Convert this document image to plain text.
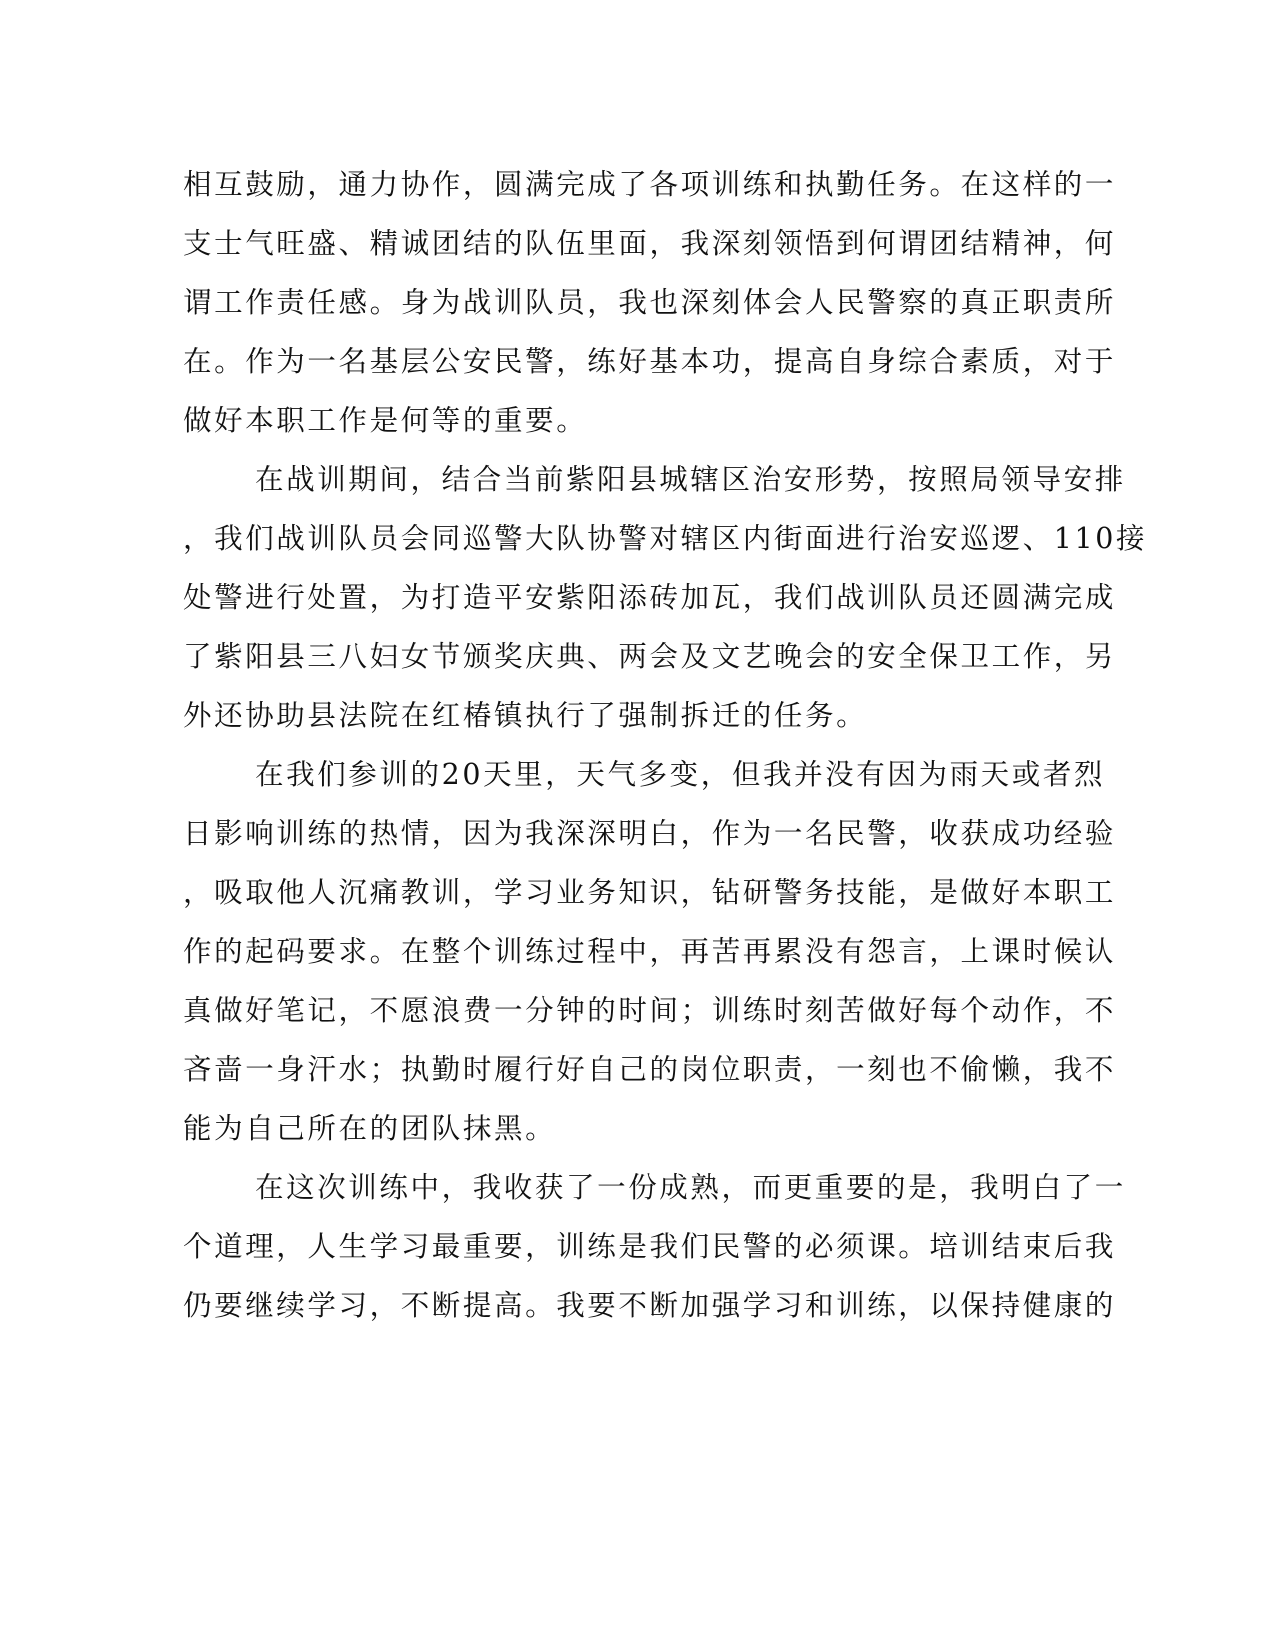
相互鼓励，通力协作，圆满完成了各项训练和执勤任务。在这样的一
支士气旺盛、精诚团结的队伍里面，我深刻领悟到何谓团结精神，何
谓工作责任感。身为战训队员，我也深刻体会人民警察的真正职责所
在。作为一名基层公安民警，练好基本功，提高自身综合素质，对于
做好本职工作是何等的重要。
在战训期间，结合当前紫阳县城辖区治安形势，按照局领导安排
，我们战训队员会同巡警大队协警对辖区内街面进行治安巡逻、110接
处警进行处置，为打造平安紫阳添砖加瓦，我们战训队员还圆满完成
了紫阳县三八妇女节颁奖庆典、两会及文艺晚会的安全保卫工作，另
外还协助县法院在红椿镇执行了强制拆迁的任务。
在我们参训的20天里，天气多变，但我并没有因为雨天或者烈
日影响训练的热情，因为我深深明白，作为一名民警，收获成功经验
，吸取他人沉痛教训，学习业务知识，钻研警务技能，是做好本职工
作的起码要求。在整个训练过程中，再苦再累没有怨言，上课时候认
真做好笔记，不愿浪费一分钟的时间；训练时刻苦做好每个动作，不
吝啬一身汗水；执勤时履行好自己的岗位职责，一刻也不偷懒，我不
能为自己所在的团队抹黑。
在这次训练中，我收获了一份成熟，而更重要的是，我明白了一
个道理，人生学习最重要，训练是我们民警的必须课。培训结束后我
仍要继续学习，不断提高。我要不断加强学习和训练，以保持健康的
